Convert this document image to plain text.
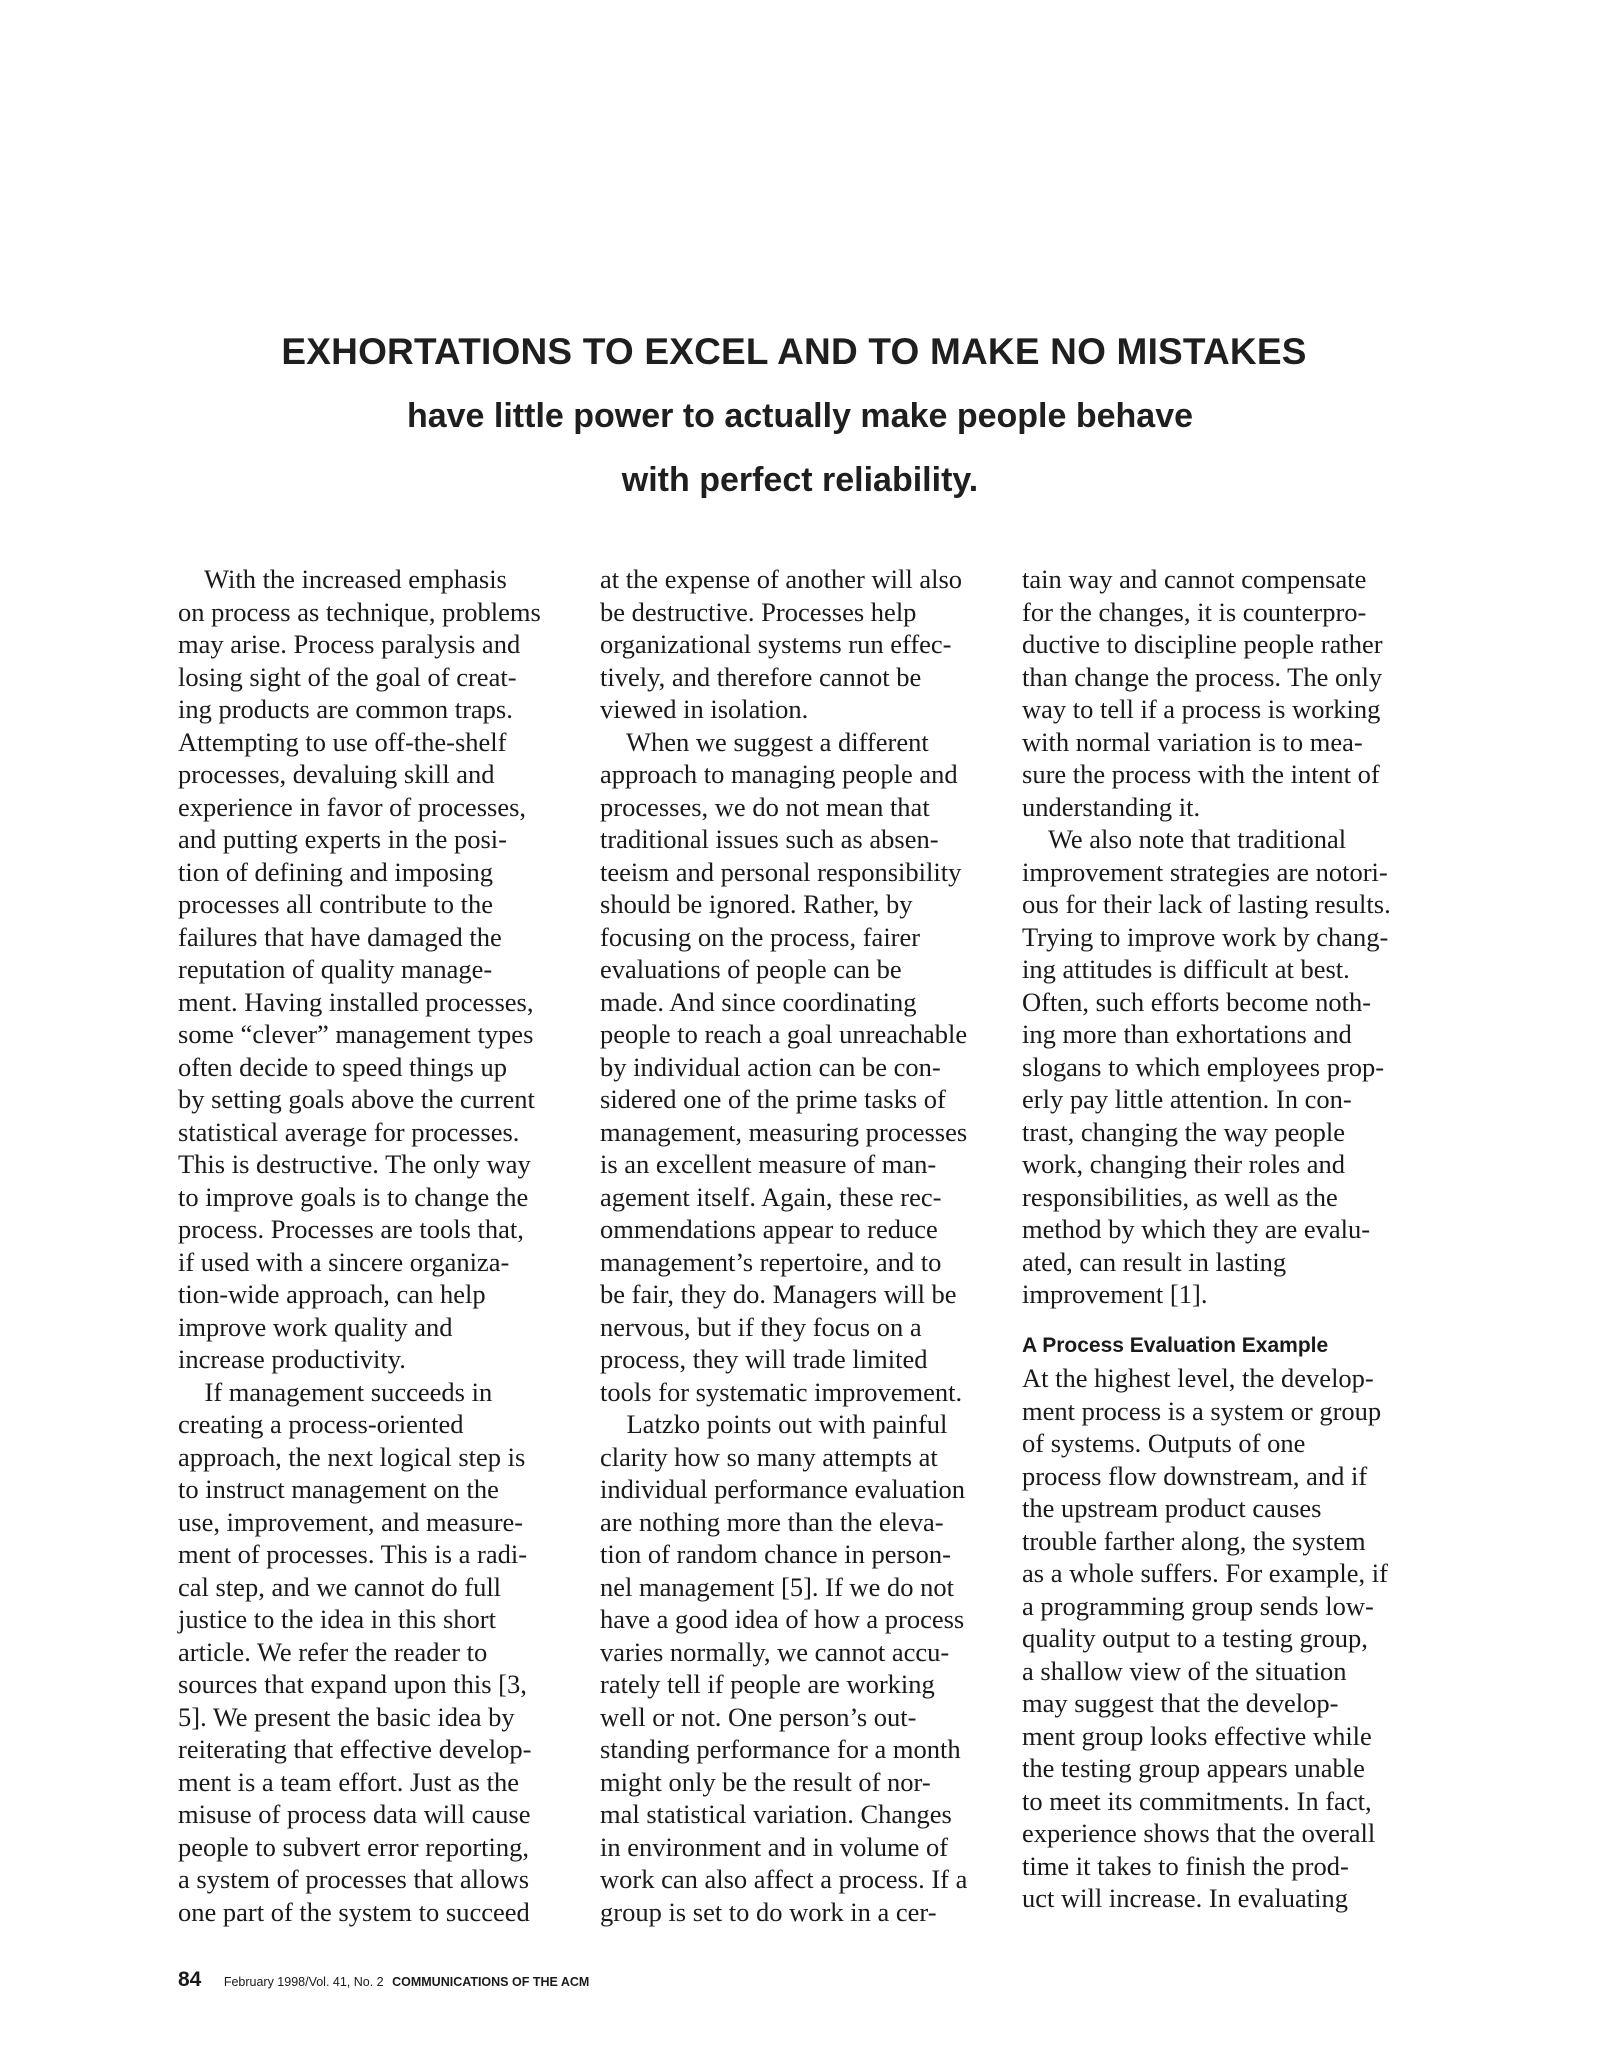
EXHORTATIONS TO EXCEL AND TO MAKE NO MISTAKES
have little power to actually make people behave
with perfect reliability.
With the increased emphasis
on process as technique, problems
may arise. Process paralysis and
losing sight of the goal of creat-
ing products are common traps.
Attempting to use off-the-shelf
processes, devaluing skill and
experience in favor of processes,
and putting experts in the posi-
tion of defining and imposing
processes all contribute to the
failures that have damaged the
reputation of quality manage-
ment. Having installed processes,
some “clever” management types
often decide to speed things up
by setting goals above the current
statistical average for processes.
This is destructive. The only way
to improve goals is to change the
process. Processes are tools that,
if used with a sincere organiza-
tion-wide approach, can help
improve work quality and
increase productivity.
If management succeeds in
creating a process-oriented
approach, the next logical step is
to instruct management on the
use, improvement, and measure-
ment of processes. This is a radi-
cal step, and we cannot do full
justice to the idea in this short
article. We refer the reader to
sources that expand upon this [3,
5]. We present the basic idea by
reiterating that effective develop-
ment is a team effort. Just as the
misuse of process data will cause
people to subvert error reporting,
a system of processes that allows
one part of the system to succeed
at the expense of another will also
be destructive. Processes help
organizational systems run effec-
tively, and therefore cannot be
viewed in isolation.
When we suggest a different
approach to managing people and
processes, we do not mean that
traditional issues such as absen-
teeism and personal responsibility
should be ignored. Rather, by
focusing on the process, fairer
evaluations of people can be
made. And since coordinating
people to reach a goal unreachable
by individual action can be con-
sidered one of the prime tasks of
management, measuring processes
is an excellent measure of man-
agement itself. Again, these rec-
ommendations appear to reduce
management’s repertoire, and to
be fair, they do. Managers will be
nervous, but if they focus on a
process, they will trade limited
tools for systematic improvement.
Latzko points out with painful
clarity how so many attempts at
individual performance evaluation
are nothing more than the eleva-
tion of random chance in person-
nel management [5]. If we do not
have a good idea of how a process
varies normally, we cannot accu-
rately tell if people are working
well or not. One person’s out-
standing performance for a month
might only be the result of nor-
mal statistical variation. Changes
in environment and in volume of
work can also affect a process. If a
group is set to do work in a cer-
tain way and cannot compensate
for the changes, it is counterpro-
ductive to discipline people rather
than change the process. The only
way to tell if a process is working
with normal variation is to mea-
sure the process with the intent of
understanding it.
We also note that traditional
improvement strategies are notori-
ous for their lack of lasting results.
Trying to improve work by chang-
ing attitudes is difficult at best.
Often, such efforts become noth-
ing more than exhortations and
slogans to which employees prop-
erly pay little attention. In con-
trast, changing the way people
work, changing their roles and
responsibilities, as well as the
method by which they are evalu-
ated, can result in lasting
improvement [1].
A Process Evaluation Example
At the highest level, the develop-
ment process is a system or group
of systems. Outputs of one
process flow downstream, and if
the upstream product causes
trouble farther along, the system
as a whole suffers. For example, if
a programming group sends low-
quality output to a testing group,
a shallow view of the situation
may suggest that the develop-
ment group looks effective while
the testing group appears unable
to meet its commitments. In fact,
experience shows that the overall
time it takes to finish the prod-
uct will increase. In evaluating
84 February 1998/Vol. 41, No. 2 COMMUNICATIONS OF THE ACM
